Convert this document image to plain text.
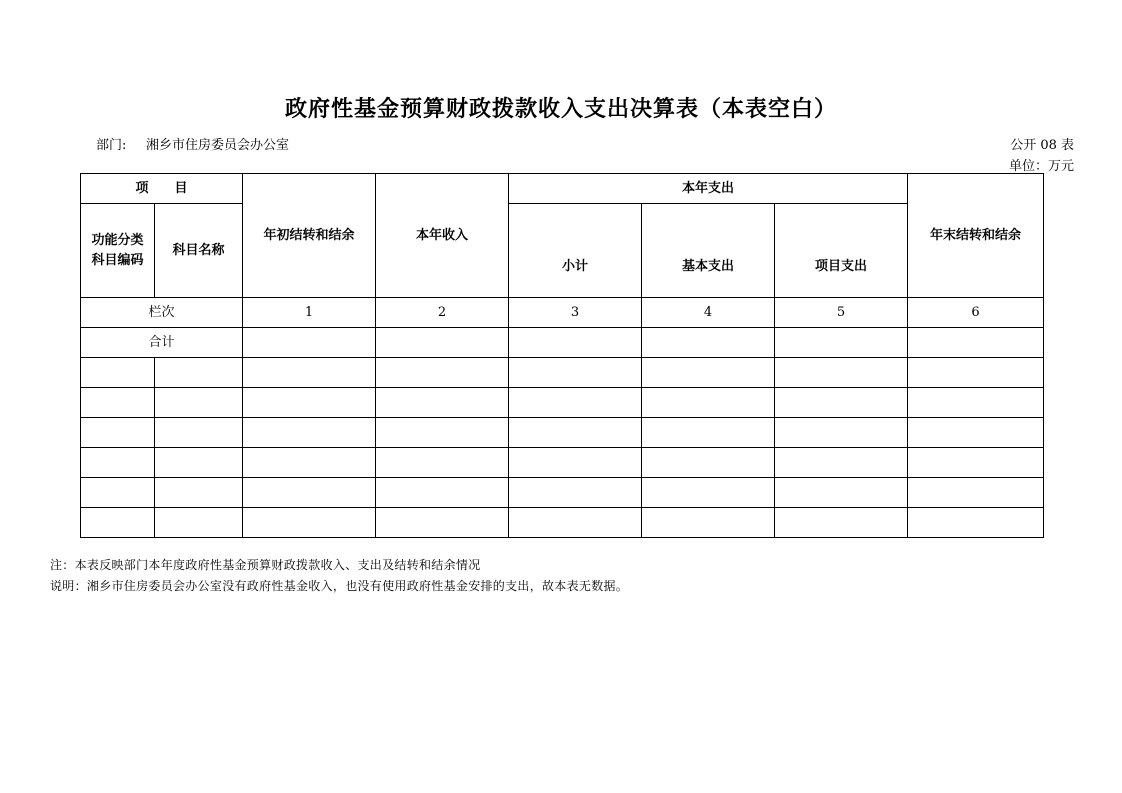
政府性基金预算财政拨款收入支出决算表（本表空白）
部门: 湘乡市住房委员会办公室	公开 08 表
单位：万元
项　　目		年初结转和结余	本年收入	本年支出			年末结转和结余
功能分类
科目编码	科目名称			小计	基本支出	项目支出	
栏次		1	2	3	4	5	6
合计							

注：本表反映部门本年度政府性基金预算财政拨款收入、支出及结转和结余情况
说明：湘乡市住房委员会办公室没有政府性基金收入，也没有使用政府性基金安排的支出，故本表无数据。
